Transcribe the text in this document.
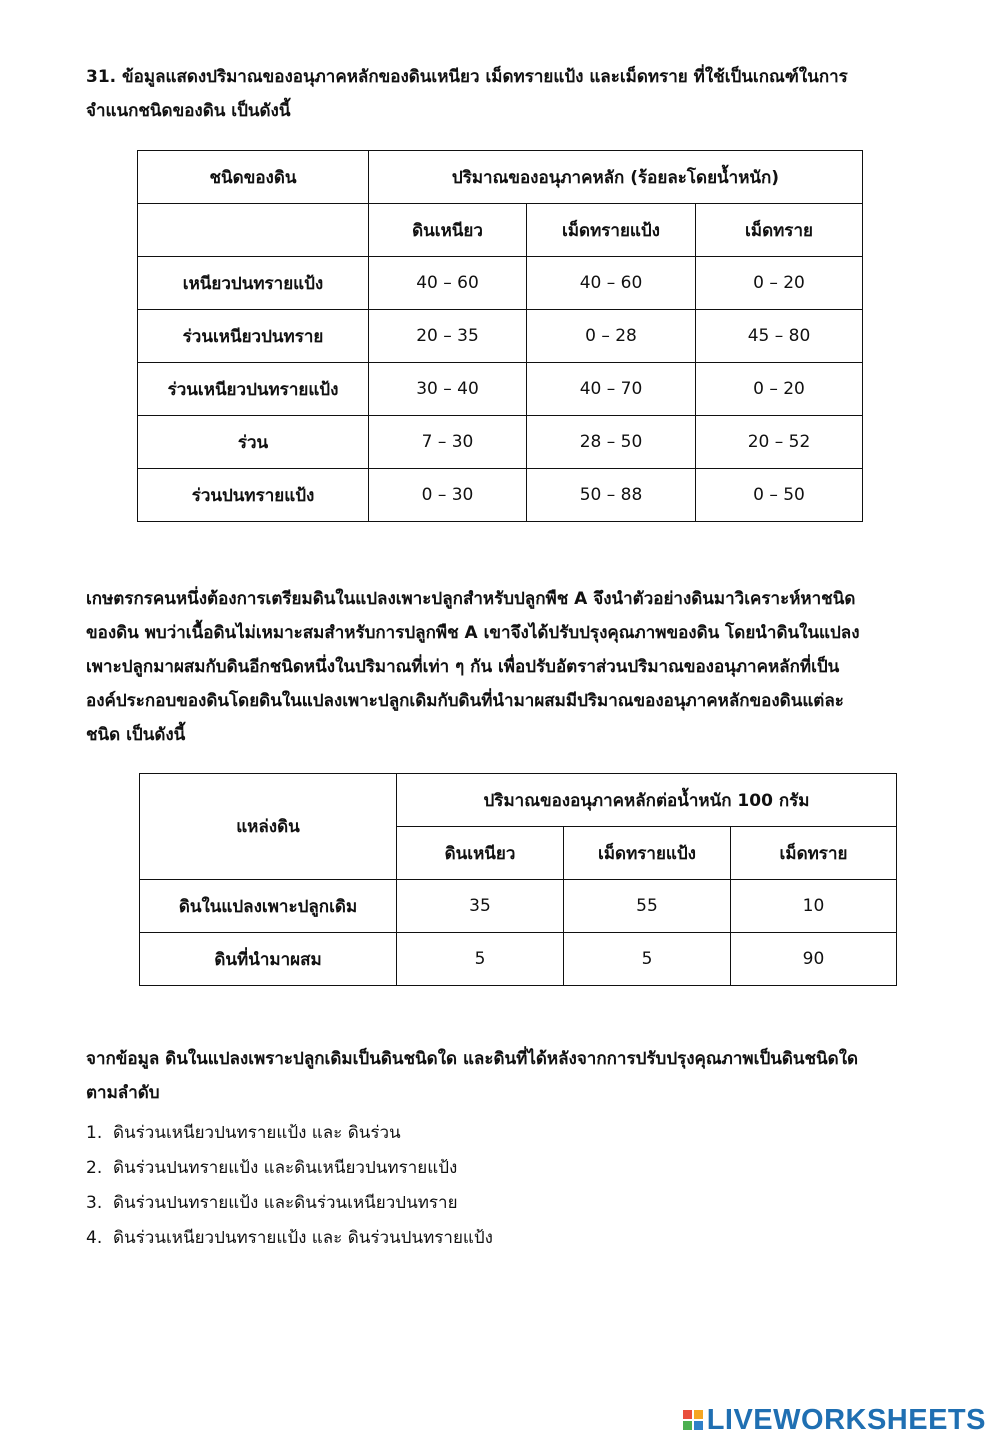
31. ข้อมูลแสดงปริมาณของอนุภาคหลักของดินเหนียว เม็ดทรายแป้ง และเม็ดทราย ที่ใช้เป็นเกณฑ์ในการ
จำแนกชนิดของดิน เป็นดังนี้
ชนิดของดิน	ปริมาณของอนุภาคหลัก (ร้อยละโดยน้ำหนัก)		
	ดินเหนียว	เม็ดทรายแป้ง	เม็ดทราย
เหนียวปนทรายแป้ง	40 – 60	40 – 60	0 – 20
ร่วนเหนียวปนทราย	20 – 35	0 – 28	45 – 80
ร่วนเหนียวปนทรายแป้ง	30 – 40	40 – 70	0 – 20
ร่วน	7 – 30	28 – 50	20 – 52
ร่วนปนทรายแป้ง	0 – 30	50 – 88	0 – 50
เกษตรกรคนหนึ่งต้องการเตรียมดินในแปลงเพาะปลูกสำหรับปลูกพืช A จึงนำตัวอย่างดินมาวิเคราะห์หาชนิด
ของดิน พบว่าเนื้อดินไม่เหมาะสมสำหรับการปลูกพืช A เขาจึงได้ปรับปรุงคุณภาพของดิน โดยนำดินในแปลง
เพาะปลูกมาผสมกับดินอีกชนิดหนึ่งในปริมาณที่เท่า ๆ กัน เพื่อปรับอัตราส่วนปริมาณของอนุภาคหลักที่เป็น
องค์ประกอบของดินโดยดินในแปลงเพาะปลูกเดิมกับดินที่นำมาผสมมีปริมาณของอนุภาคหลักของดินแต่ละ
ชนิด เป็นดังนี้
แหล่งดิน	ปริมาณของอนุภาคหลักต่อน้ำหนัก 100 กรัม		
	ดินเหนียว	เม็ดทรายแป้ง	เม็ดทราย
ดินในแปลงเพาะปลูกเดิม	35	55	10
ดินที่นำมาผสม	5	5	90
จากข้อมูล ดินในแปลงเพราะปลูกเดิมเป็นดินชนิดใด และดินที่ได้หลังจากการปรับปรุงคุณภาพเป็นดินชนิดใด
ตามลำดับ
1. ดินร่วนเหนียวปนทรายแป้ง และ ดินร่วน
2. ดินร่วนปนทรายแป้ง และดินเหนียวปนทรายแป้ง
3. ดินร่วนปนทรายแป้ง และดินร่วนเหนียวปนทราย
4. ดินร่วนเหนียวปนทรายแป้ง และ ดินร่วนปนทรายแป้ง
LIVEWORKSHEETS
